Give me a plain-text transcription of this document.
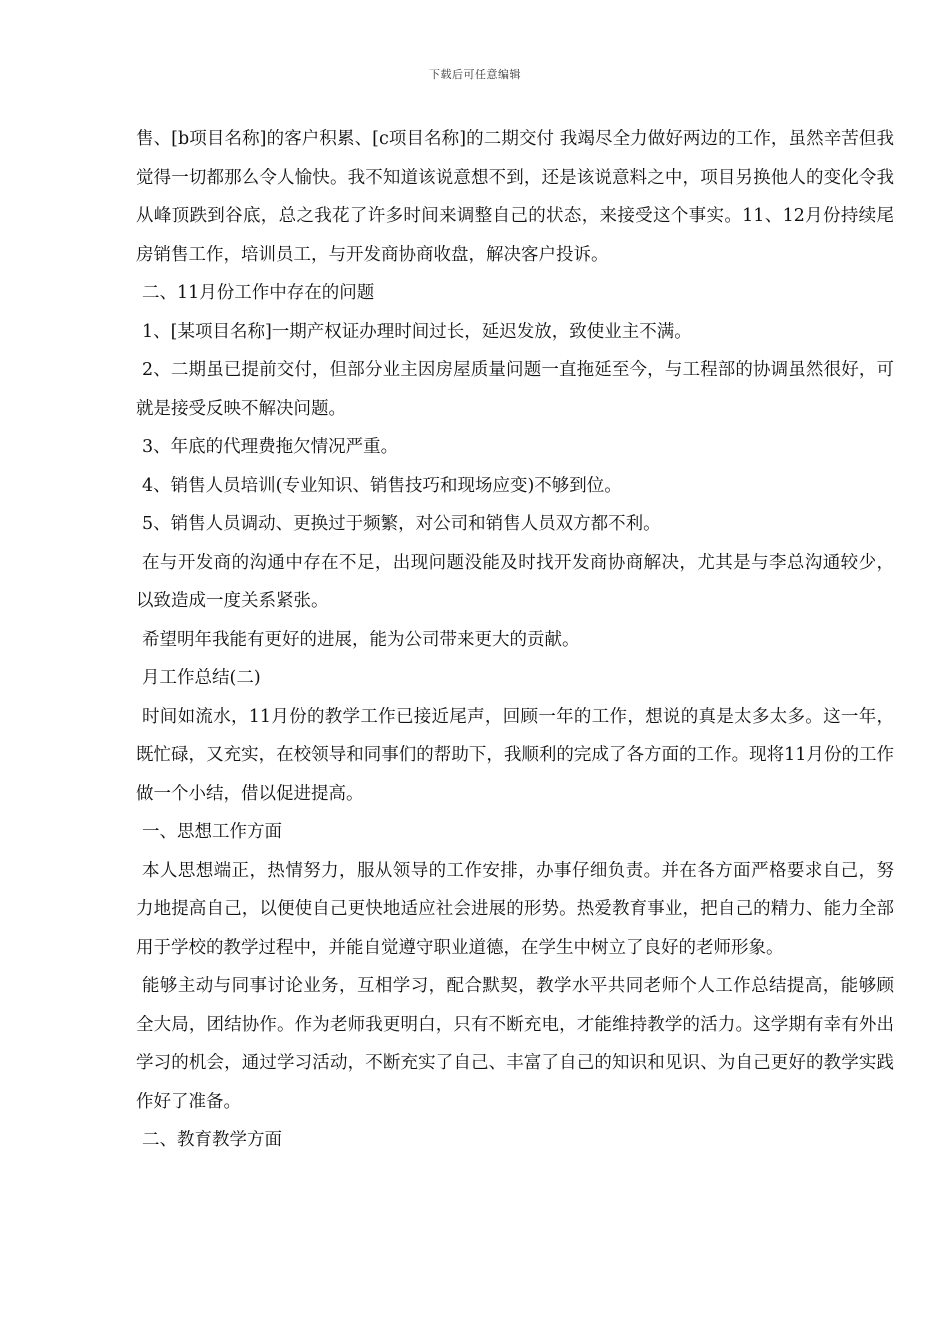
下载后可任意编辑

售、[b项目名称]的客户积累、[c项目名称]的二期交付 我竭尽全力做好两边的工作，虽然辛苦但我觉得一切都那么令人愉快。我不知道该说意想不到，还是该说意料之中，项目另换他人的变化令我从峰顶跌到谷底，总之我花了许多时间来调整自己的状态，来接受这个事实。11、12月份持续尾房销售工作，培训员工，与开发商协商收盘，解决客户投诉。

二、11月份工作中存在的问题

1、[某项目名称]一期产权证办理时间过长，延迟发放，致使业主不满。

2、二期虽已提前交付，但部分业主因房屋质量问题一直拖延至今，与工程部的协调虽然很好，可就是接受反映不解决问题。

3、年底的代理费拖欠情况严重。

4、销售人员培训(专业知识、销售技巧和现场应变)不够到位。

5、销售人员调动、更换过于频繁，对公司和销售人员双方都不利。

在与开发商的沟通中存在不足，出现问题没能及时找开发商协商解决，尤其是与李总沟通较少，以致造成一度关系紧张。

希望明年我能有更好的进展，能为公司带来更大的贡献。

月工作总结(二)

时间如流水，11月份的教学工作已接近尾声，回顾一年的工作，想说的真是太多太多。这一年，既忙碌，又充实，在校领导和同事们的帮助下，我顺利的完成了各方面的工作。现将11月份的工作做一个小结，借以促进提高。

一、思想工作方面

本人思想端正，热情努力，服从领导的工作安排，办事仔细负责。并在各方面严格要求自己，努力地提高自己，以便使自己更快地适应社会进展的形势。热爱教育事业，把自己的精力、能力全部用于学校的教学过程中，并能自觉遵守职业道德，在学生中树立了良好的老师形象。

能够主动与同事讨论业务，互相学习，配合默契，教学水平共同老师个人工作总结提高，能够顾全大局，团结协作。作为老师我更明白，只有不断充电，才能维持教学的活力。这学期有幸有外出学习的机会，通过学习活动，不断充实了自己、丰富了自己的知识和见识、为自己更好的教学实践作好了准备。

二、教育教学方面
